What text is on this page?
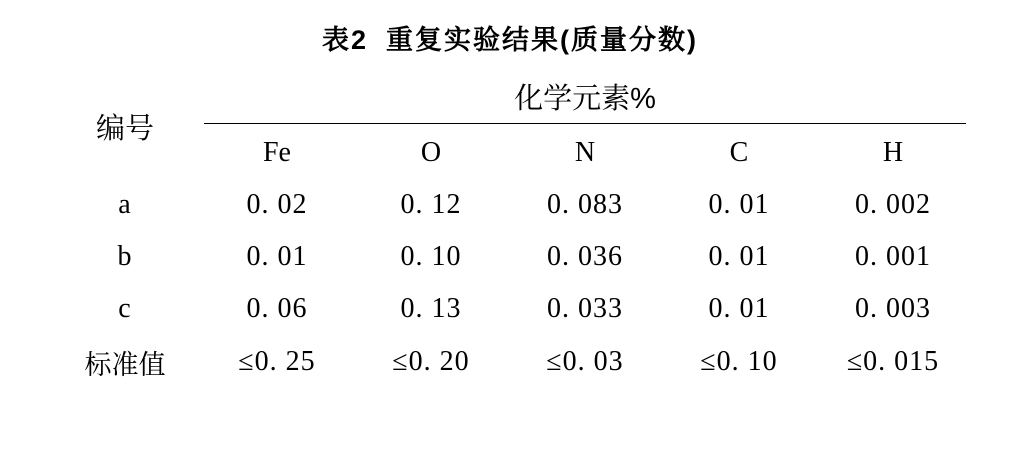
表2 重复实验结果(质量分数)
编号	化学元素%				

	Fe	O	N	C	H
a	0. 02	0. 12	0. 083	0. 01	0. 002
b	0. 01	0. 10	0. 036	0. 01	0. 001
c	0. 06	0. 13	0. 033	0. 01	0. 003
标准值	≤0. 25	≤0. 20	≤0. 03	≤0. 10	≤0. 015
